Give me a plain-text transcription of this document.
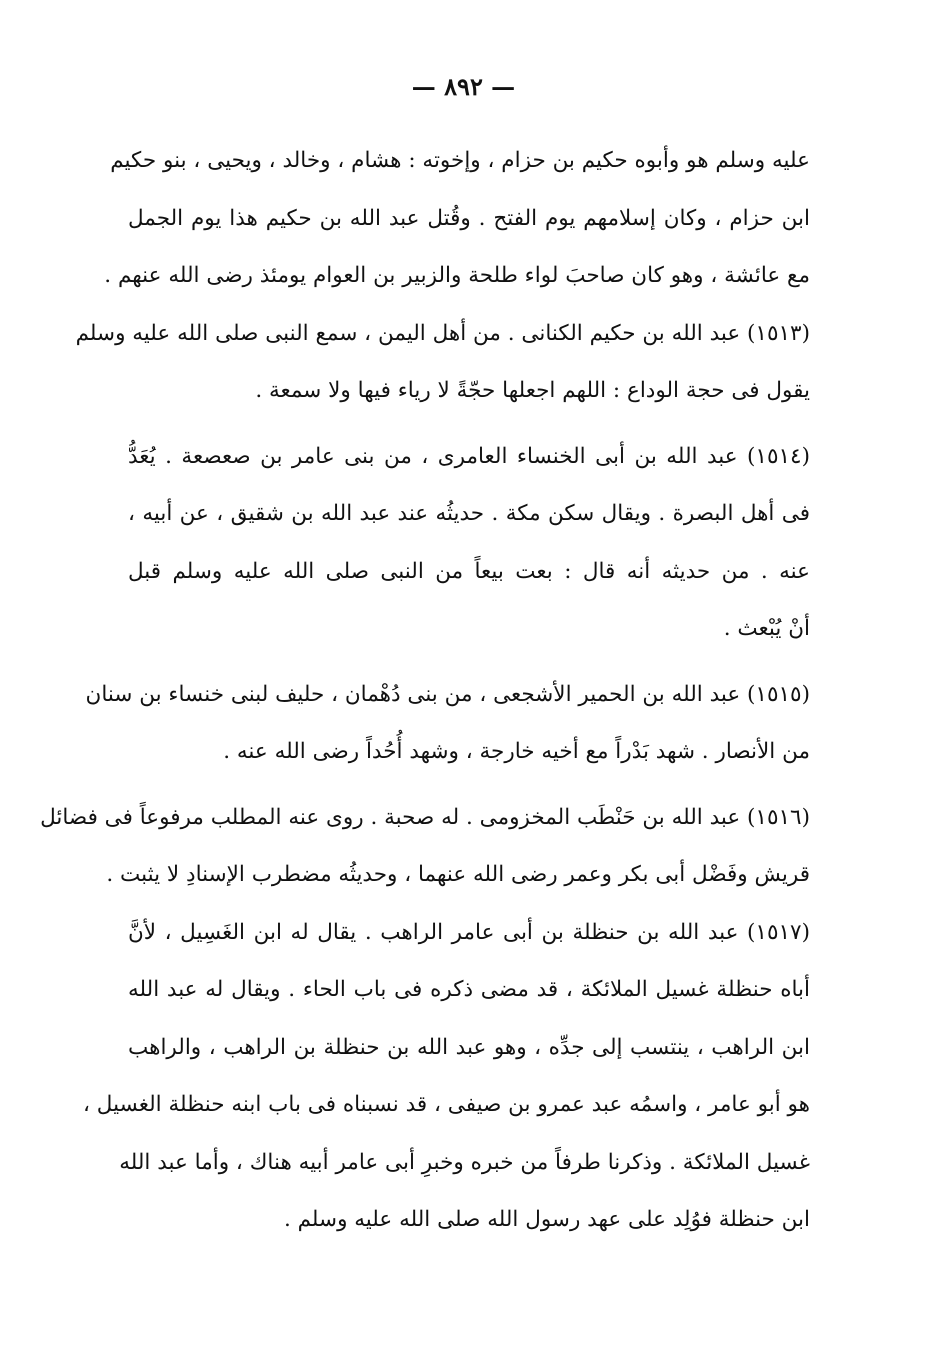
— ٨٩٢ —
عليه وسلم هو وأبوه حكيم بن حزام ، وإخوته : هشام ، وخالد ، ويحيى ، بنو حكيم
ابن حزام ، وكان إسلامهم يوم الفتح . وقُتل عبد الله بن حكيم هذا يوم الجمل
مع عائشة ، وهو كان صاحبَ لواء طلحة والزبير بن العوام يومئذ رضى الله عنهم .
(١٥١٣) عبد الله بن حكيم الكنانى . من أهل اليمن ، سمع النبى صلى الله عليه وسلم
يقول فى حجة الوداع : اللهم اجعلها حجّةً لا رياء فيها ولا سمعة .
(١٥١٤) عبد الله بن أبى الخنساء العامرى ، من بنى عامر بن صعصعة . يُعَدُّ
فى أهل البصرة . ويقال سكن مكة . حديثُه عند عبد الله بن شقيق ، عن أبيه ،
عنه . من حديثه أنه قال : بعت بيعاً من النبى صلى الله عليه وسلم قبل
أنْ يُبْعث .
(١٥١٥) عبد الله بن الحمير الأشجعى ، من بنى دُهْمان ، حليف لبنى خنساء بن سنان
من الأنصار . شهد بَدْراً مع أخيه خارجة ، وشهد أُحُداً رضى الله عنه .
(١٥١٦) عبد الله بن حَنْطَب المخزومى . له صحبة . روى عنه المطلب مرفوعاً فى فضائل
قريش وفَضْل أبى بكر وعمر رضى الله عنهما ، وحديثُه مضطرب الإسنادِ لا يثبت .
(١٥١٧) عبد الله بن حنظلة بن أبى عامر الراهب . يقال له ابن الغَسِيل ، لأنَّ
أباه حنظلة غسيل الملائكة ، قد مضى ذكره فى باب الحاء . ويقال له عبد الله
ابن الراهب ، ينتسب إلى جدِّه ، وهو عبد الله بن حنظلة بن الراهب ، والراهب
هو أبو عامر ، واسمُه عبد عمرو بن صيفى ، قد نسبناه فى باب ابنه حنظلة الغسيل ،
غسيل الملائكة . وذكرنا طرفاً من خبره وخبرِ أبى عامر أبيه هناك ، وأما عبد الله
ابن حنظلة فوُلِد على عهد رسول الله صلى الله عليه وسلم .
